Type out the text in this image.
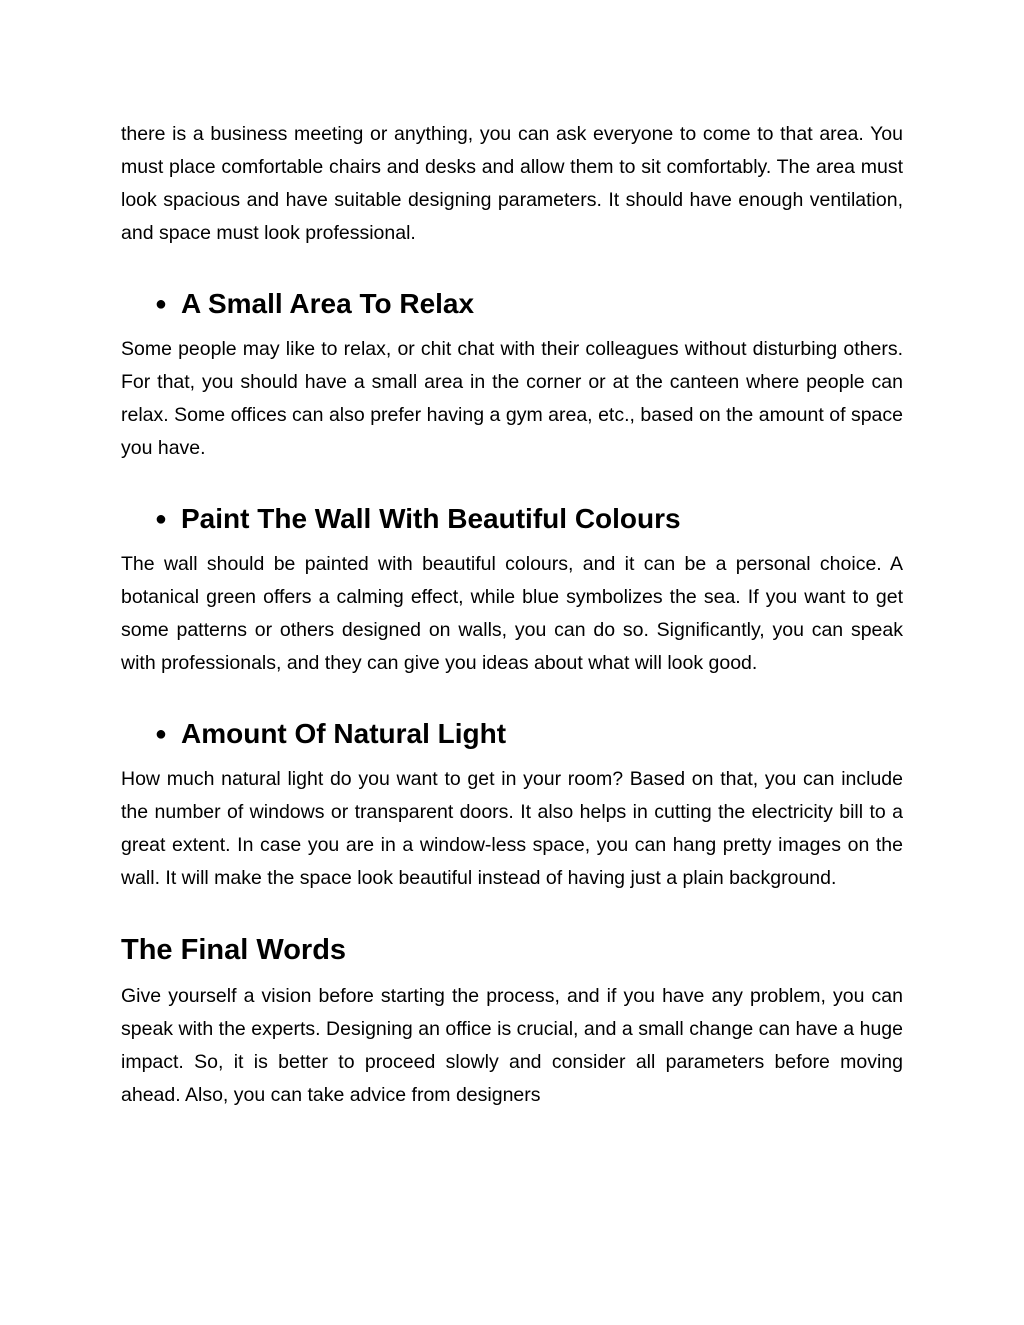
there is a business meeting or anything, you can ask everyone to come to that area. You must place comfortable chairs and desks and allow them to sit comfortably. The area must look spacious and have suitable designing parameters. It should have enough ventilation, and space must look professional.

● A Small Area To Relax

Some people may like to relax, or chit chat with their colleagues without disturbing others. For that, you should have a small area in the corner or at the canteen where people can relax. Some offices can also prefer having a gym area, etc., based on the amount of space you have.

● Paint The Wall With Beautiful Colours

The wall should be painted with beautiful colours, and it can be a personal choice. A botanical green offers a calming effect, while blue symbolizes the sea. If you want to get some patterns or others designed on walls, you can do so. Significantly, you can speak with professionals, and they can give you ideas about what will look good.

● Amount Of Natural Light

How much natural light do you want to get in your room? Based on that, you can include the number of windows or transparent doors. It also helps in cutting the electricity bill to a great extent. In case you are in a window-less space, you can hang pretty images on the wall. It will make the space look beautiful instead of having just a plain background.

The Final Words

Give yourself a vision before starting the process, and if you have any problem, you can speak with the experts. Designing an office is crucial, and a small change can have a huge impact. So, it is better to proceed slowly and consider all parameters before moving ahead. Also, you can take advice from designers
